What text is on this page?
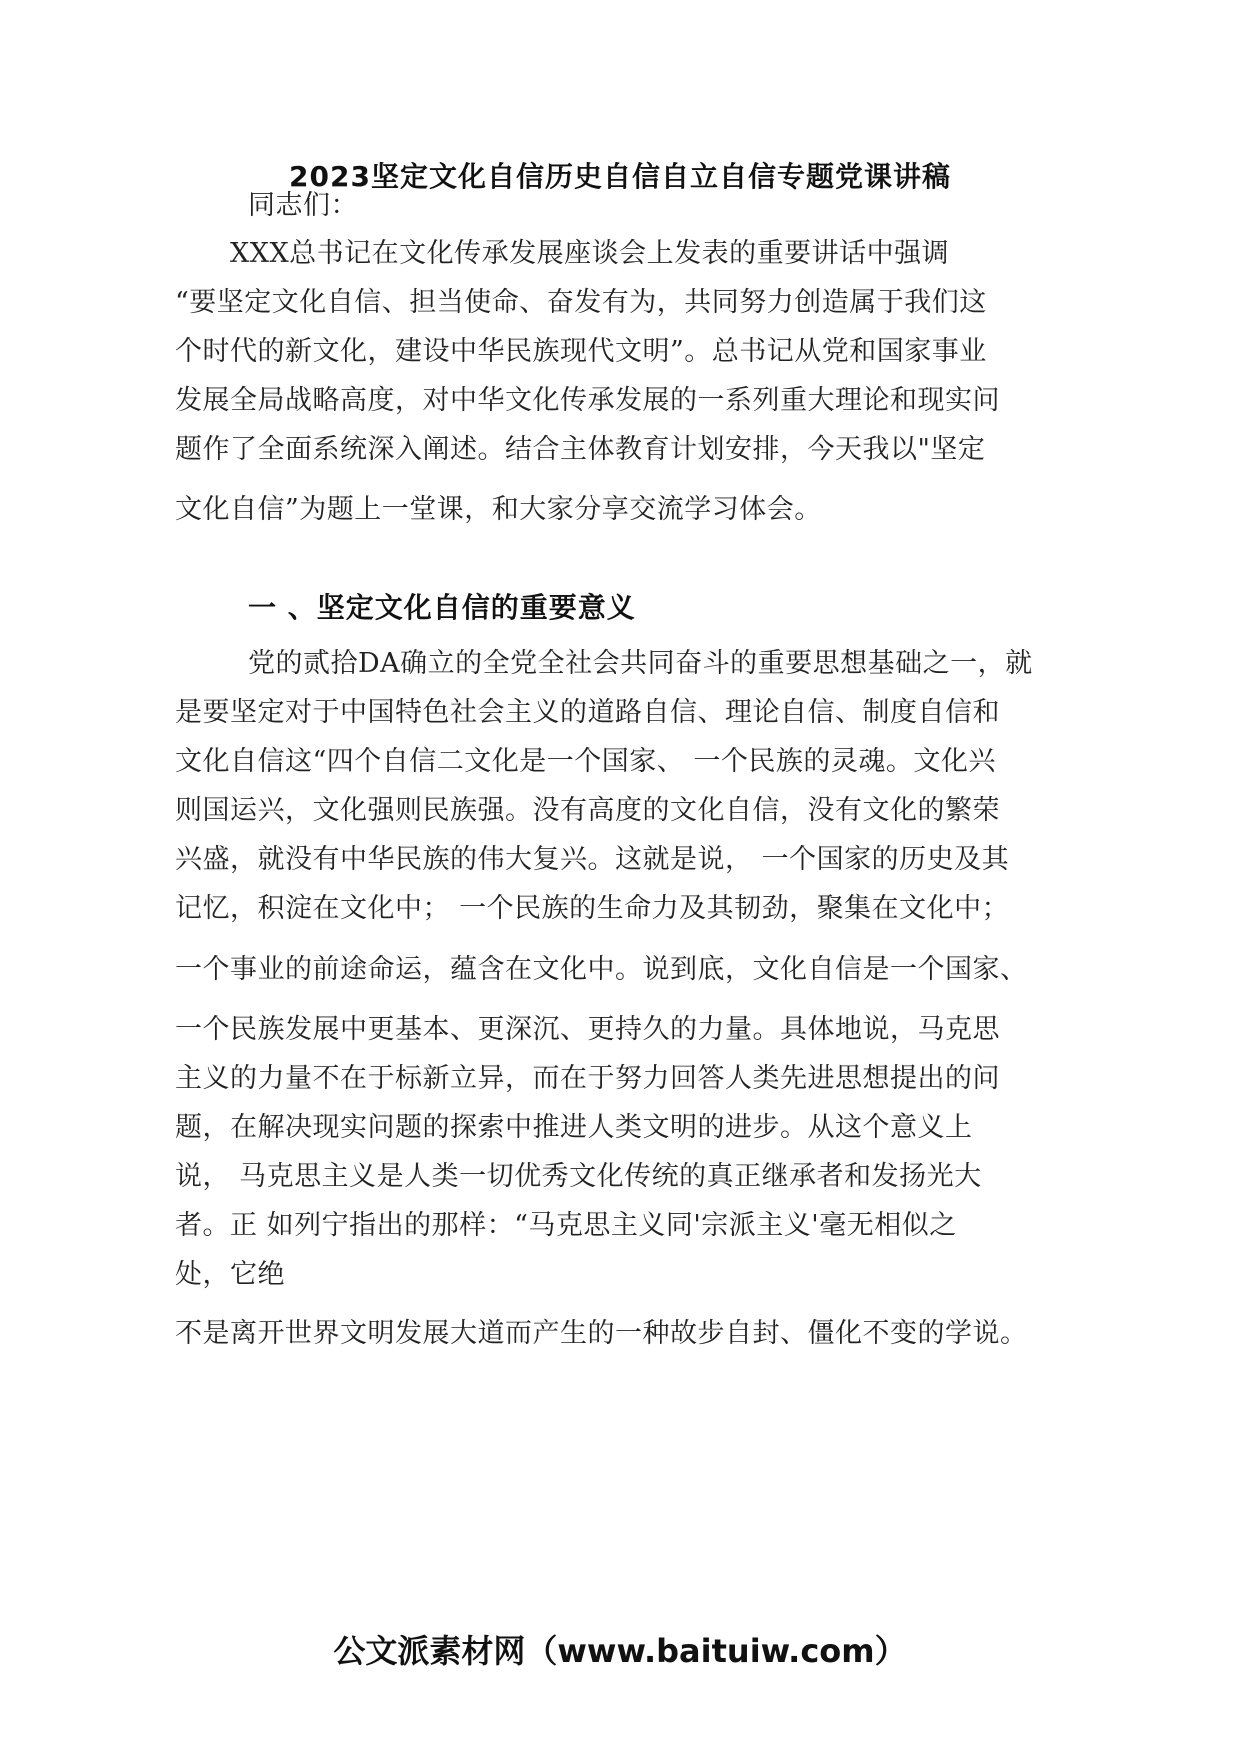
2023坚定文化自信历史自信自立自信专题党课讲稿
同志们：
XXX总书记在文化传承发展座谈会上发表的重要讲话中强调
“要坚定文化自信、担当使命、奋发有为，共同努力创造属于我们这
个时代的新文化，建设中华民族现代文明”。总书记从党和国家事业
发展全局战略高度，对中华文化传承发展的一系列重大理论和现实问
题作了全面系统深入阐述。结合主体教育计划安排，今天我以"坚定
文化自信”为题上一堂课，和大家分享交流学习体会。
一 、坚定文化自信的重要意义
党的贰拾DA确立的全党全社会共同奋斗的重要思想基础之一，就
是要坚定对于中国特色社会主义的道路自信、理论自信、制度自信和
文化自信这“四个自信二文化是一个国家、 一个民族的灵魂。文化兴
则国运兴，文化强则民族强。没有高度的文化自信，没有文化的繁荣
兴盛，就没有中华民族的伟大复兴。这就是说， 一个国家的历史及其
记忆，积淀在文化中； 一个民族的生命力及其韧劲，聚集在文化中；
一个事业的前途命运，蕴含在文化中。说到底，文化自信是一个国家、
一个民族发展中更基本、更深沉、更持久的力量。具体地说，马克思
主义的力量不在于标新立异，而在于努力回答人类先进思想提出的问
题，在解决现实问题的探索中推进人类文明的进步。从这个意义上
说， 马克思主义是人类一切优秀文化传统的真正继承者和发扬光大
者。正 如列宁指出的那样：“马克思主义同'宗派主义'毫无相似之
处，它绝
不是离开世界文明发展大道而产生的一种故步自封、僵化不变的学说。
公文派素材网（www.baituiw.com）
